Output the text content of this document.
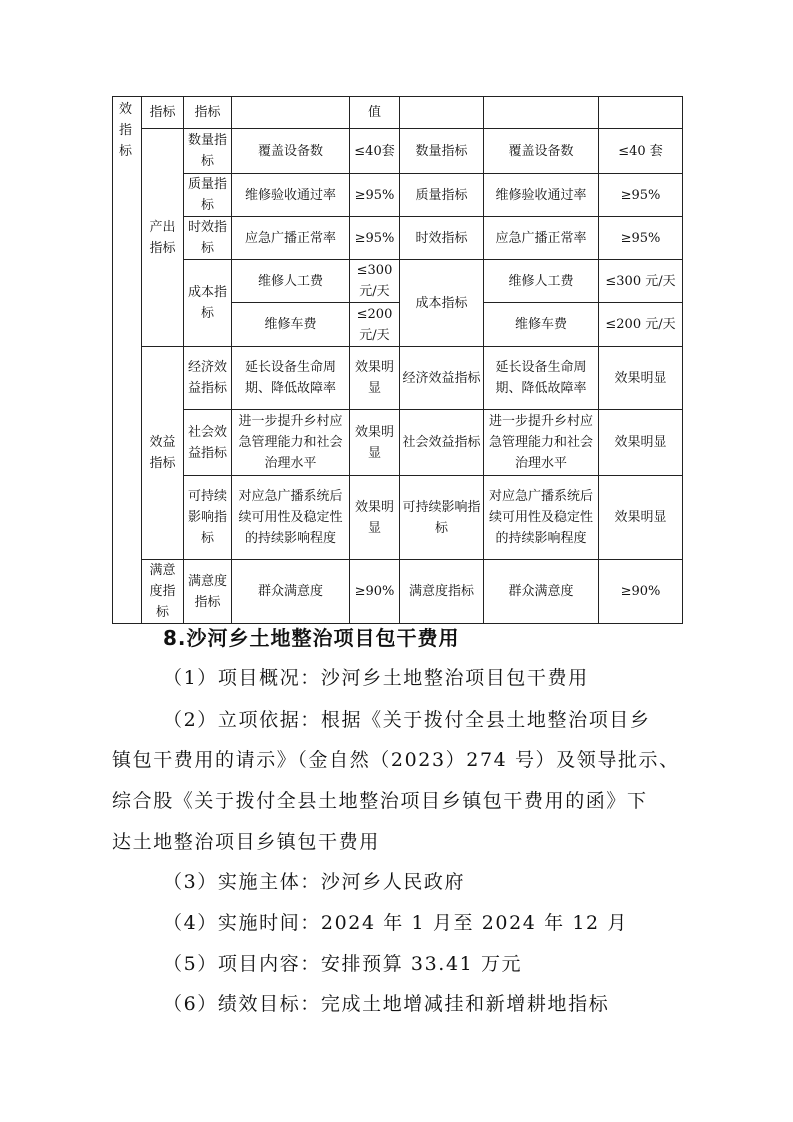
效指标	指标	指标		值			
	产出指标	数量指标	覆盖设备数	≤40套	数量指标	覆盖设备数	≤40 套
		质量指标	维修验收通过率	≥95%	质量指标	维修验收通过率	≥95%
		时效指标	应急广播正常率	≥95%	时效指标	应急广播正常率	≥95%
		成本指标	维修人工费	≤300元/天	成本指标	维修人工费	≤300 元/天
			维修车费	≤200元/天		维修车费	≤200 元/天
	效益指标	经济效益指标	延长设备生命周期、降低故障率	效果明显	经济效益指标	延长设备生命周期、降低故障率	效果明显
		社会效益指标	进一步提升乡村应急管理能力和社会治理水平	效果明显	社会效益指标	进一步提升乡村应急管理能力和社会治理水平	效果明显
		可持续影响指标	对应急广播系统后续可用性及稳定性的持续影响程度	效果明显	可持续影响指标	对应急广播系统后续可用性及稳定性的持续影响程度	效果明显
	满意度指标	满意度指标	群众满意度	≥90%	满意度指标	群众满意度	≥90%
8.沙河乡土地整治项目包干费用
（1）项目概况：沙河乡土地整治项目包干费用
（2）立项依据：根据《关于拨付全县土地整治项目乡
镇包干费用的请示》（金自然（2023）274 号）及领导批示、
综合股《关于拨付全县土地整治项目乡镇包干费用的函》下
达土地整治项目乡镇包干费用
（3）实施主体：沙河乡人民政府
（4）实施时间：2024 年 1 月至 2024 年 12 月
（5）项目内容：安排预算 33.41 万元
（6）绩效目标：完成土地增减挂和新增耕地指标
